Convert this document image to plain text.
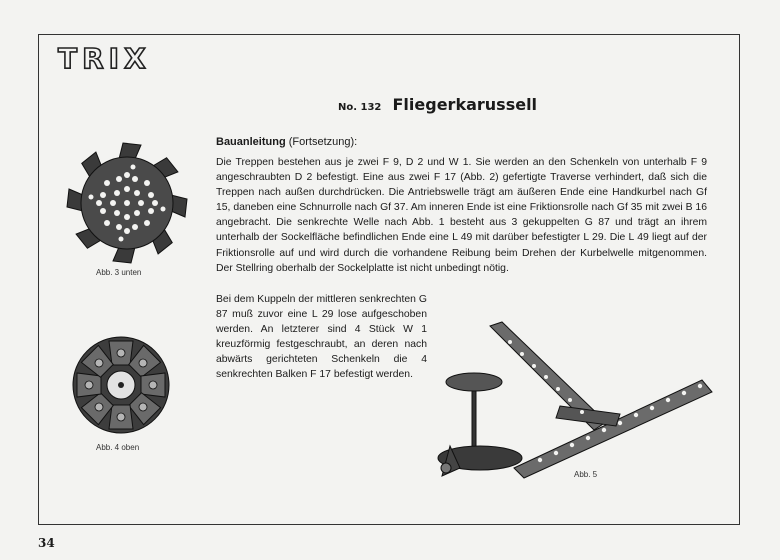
TRIX
No. 132 Fliegerkarussell
Bauanleitung (Fortsetzung):

Die Treppen bestehen aus je zwei F 9, D 2 und W 1. Sie werden an den Schenkeln von unterhalb F 9 angeschraubten D 2 befestigt. Eine aus zwei F 17 (Abb. 2) gefertigte Traverse verhindert, daß sich die Treppen nach außen durchdrücken. Die Antriebswelle trägt am äußeren Ende eine Handkurbel nach Gf 15, daneben eine Schnurrolle nach Gf 37. Am inneren Ende ist eine Friktionsrolle nach Gf 35 mit zwei B 16 angebracht. Die senkrechte Welle nach Abb. 1 besteht aus 3 gekuppelten G 87 und trägt an ihrem unterhalb der Sockelfläche befindlichen Ende eine L 49 mit darüber befestigter L 29. Die L 49 liegt auf der Friktionsrolle auf und wird durch die vorhandene Reibung beim Drehen der Kurbelwelle mitgenommen. Der Stellring oberhalb der Sockelplatte ist nicht unbedingt nötig.

Bei dem Kuppeln der mittleren senkrechten G 87 muß zuvor eine L 29 lose aufgeschoben werden. An letzterer sind 4 Stück W 1 kreuzförmig festgeschraubt, an deren nach abwärts gerichteten Schenkeln die 4 senkrechten Balken F 17 befestigt werden.

Abb. 3 unten
Abb. 4 oben
Abb. 5
34
